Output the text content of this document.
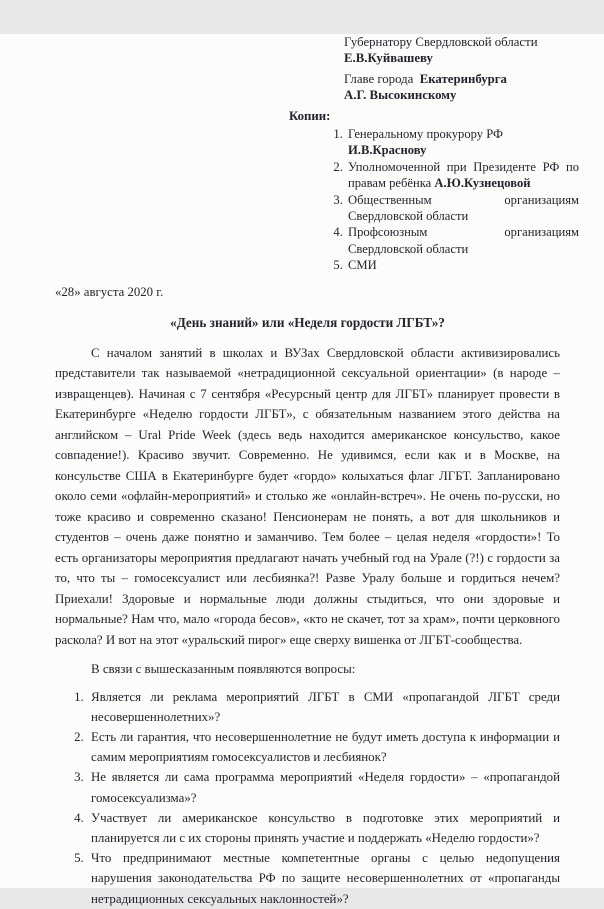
Губернатору Свердловской области
Е.В.Куйвашеву
Главе города Екатеринбурга
А.Г. Высокинскому
Копии:
1. Генеральному прокурору РФ
И.В.Краснову
2. Уполномоченной при Президенте РФ по правам ребёнка А.Ю.Кузнецовой
3. Общественным организациям Свердловской области
4. Профсоюзным организациям Свердловской области
5. СМИ
«28» августа 2020 г.
«День знаний» или «Неделя гордости ЛГБТ»?

С началом занятий в школах и ВУЗах Свердловской области активизировались представители так называемой «нетрадиционной сексуальной ориентации» (в народе – извращенцев). Начиная с 7 сентября «Ресурсный центр для ЛГБТ» планирует провести в Екатеринбурге «Неделю гордости ЛГБТ», с обязательным названием этого действа на английском – Ural Pride Week (здесь ведь находится американское консульство, какое совпадение!). Красиво звучит. Современно. Не удивимся, если как и в Москве, на консульстве США в Екатеринбурге будет «гордо» колыхаться флаг ЛГБТ. Запланировано около семи «офлайн-мероприятий» и столько же «онлайн-встреч». Не очень по-русски, но тоже красиво и современно сказано! Пенсионерам не понять, а вот для школьников и студентов – очень даже понятно и заманчиво. Тем более – целая неделя «гордости»! То есть организаторы мероприятия предлагают начать учебный год на Урале (?!) с гордости за то, что ты – гомосексуалист или лесбиянка?! Разве Уралу больше и гордиться нечем? Приехали! Здоровые и нормальные люди должны стыдиться, что они здоровые и нормальные? Нам что, мало «города бесов», «кто не скачет, тот за храм», почти церковного раскола? И вот на этот «уральский пирог» еще сверху вишенка от ЛГБТ-сообщества.

В связи с вышесказанным появляются вопросы:

1. Является ли реклама мероприятий ЛГБТ в СМИ «пропагандой ЛГБТ среди несовершеннолетних»?
2. Есть ли гарантия, что несовершеннолетние не будут иметь доступа к информации и самим мероприятиям гомосексуалистов и лесбиянок?
3. Не является ли сама программа мероприятий «Неделя гордости» – «пропагандой гомосексуализма»?
4. Участвует ли американское консульство в подготовке этих мероприятий и планируется ли с их стороны принять участие и поддержать «Неделю гордости»?
5. Что предпринимают местные компетентные органы с целью недопущения нарушения законодательства РФ по защите несовершеннолетних от «пропаганды нетрадиционных сексуальных наклонностей»?
